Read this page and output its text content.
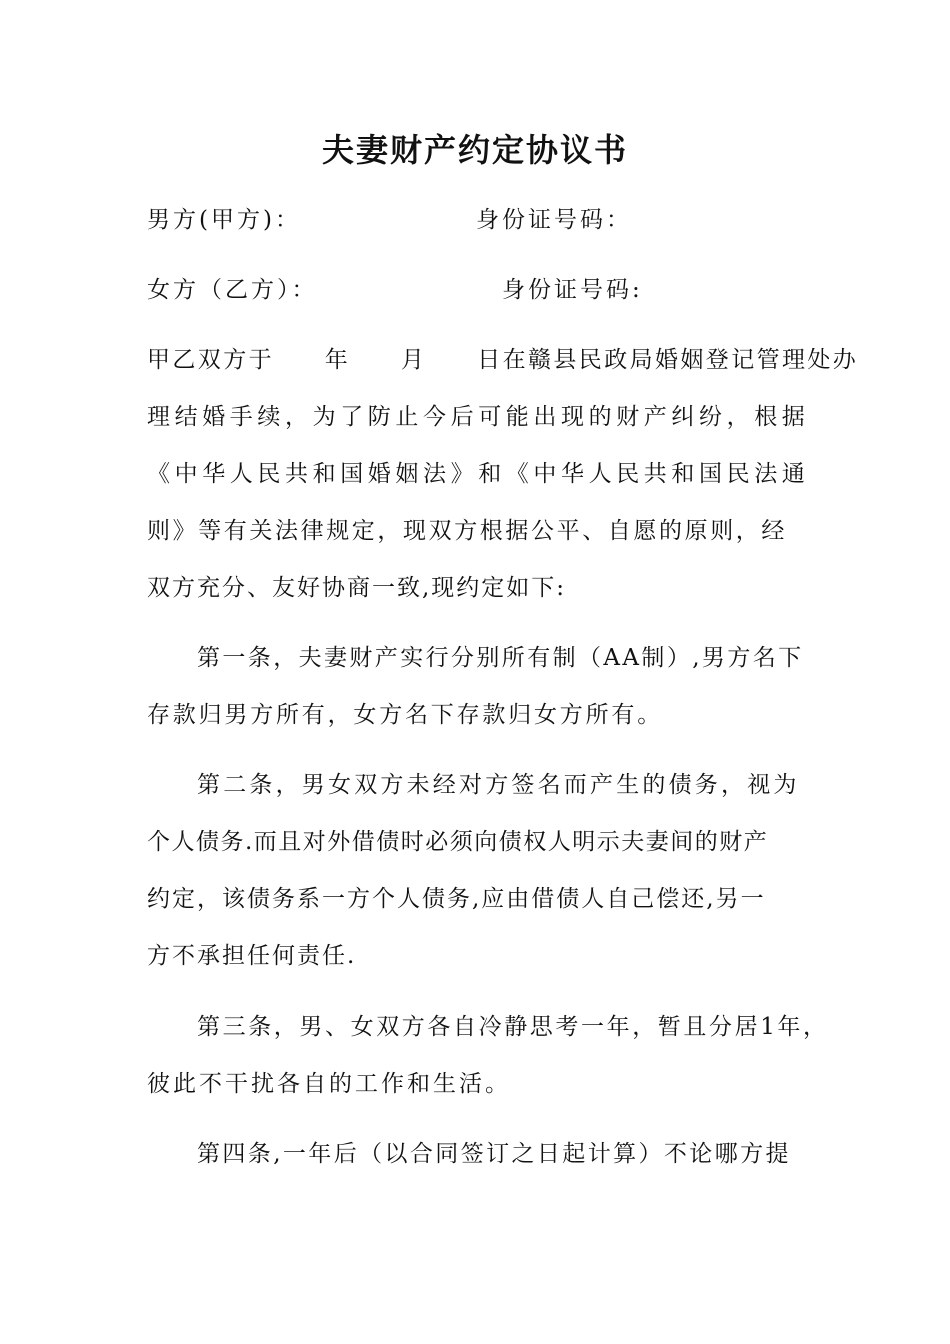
夫妻财产约定协议书
男方(甲方)：	身份证号码：
女方（乙方）：	身份证号码:
甲乙双方于　　年　　月　　日在赣县民政局婚姻登记管理处办
理结婚手续，为了防止今后可能出现的财产纠纷，根据
《中华人民共和国婚姻法》和《中华人民共和国民法通
则》等有关法律规定，现双方根据公平、自愿的原则，经
双方充分、友好协商一致,现约定如下:
第一条，夫妻财产实行分别所有制（AA制）,男方名下
存款归男方所有，女方名下存款归女方所有。
第二条，男女双方未经对方签名而产生的债务，视为
个人债务.而且对外借债时必须向债权人明示夫妻间的财产
约定，该债务系一方个人债务,应由借债人自己偿还,另一
方不承担任何责任.
第三条，男、女双方各自冷静思考一年，暂且分居1年，
彼此不干扰各自的工作和生活。
第四条,一年后（以合同签订之日起计算）不论哪方提
